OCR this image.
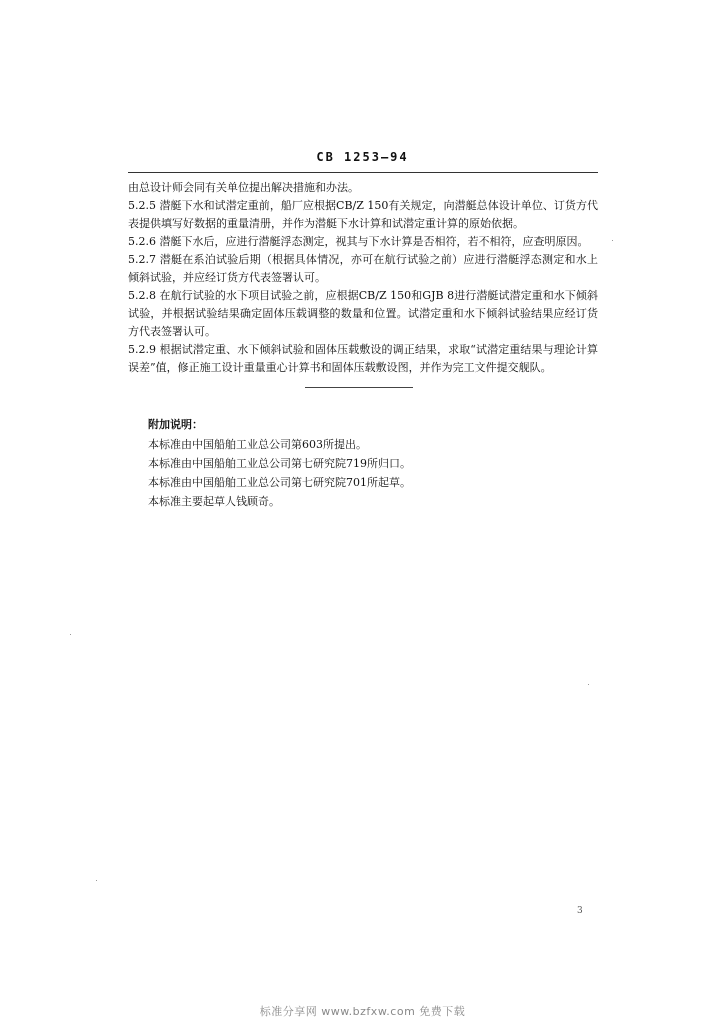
CB 1253—94

由总设计师会同有关单位提出解决措施和办法。

5.2.5 潜艇下水和试潜定重前，船厂应根据CB/Z 150有关规定，向潜艇总体设计单位、订货方代表提供填写好数据的重量清册，并作为潜艇下水计算和试潜定重计算的原始依据。

5.2.6 潜艇下水后，应进行潜艇浮态测定，视其与下水计算是否相符，若不相符，应查明原因。

5.2.7 潜艇在系泊试验后期（根据具体情况，亦可在航行试验之前）应进行潜艇浮态测定和水上倾斜试验，并应经订货方代表签署认可。

5.2.8 在航行试验的水下项目试验之前，应根据CB/Z 150和GJB 8进行潜艇试潜定重和水下倾斜试验，并根据试验结果确定固体压载调整的数量和位置。试潜定重和水下倾斜试验结果应经订货方代表签署认可。

5.2.9 根据试潜定重、水下倾斜试验和固体压载敷设的调正结果，求取“试潜定重结果与理论计算误差”值，修正施工设计重量重心计算书和固体压载敷设图，并作为完工文件提交舰队。

附加说明：
本标准由中国船舶工业总公司第603所提出。
本标准由中国船舶工业总公司第七研究院719所归口。
本标准由中国船舶工业总公司第七研究院701所起草。
本标准主要起草人钱顾奇。
3
标准分享网 www.bzfxw.com 免费下载
